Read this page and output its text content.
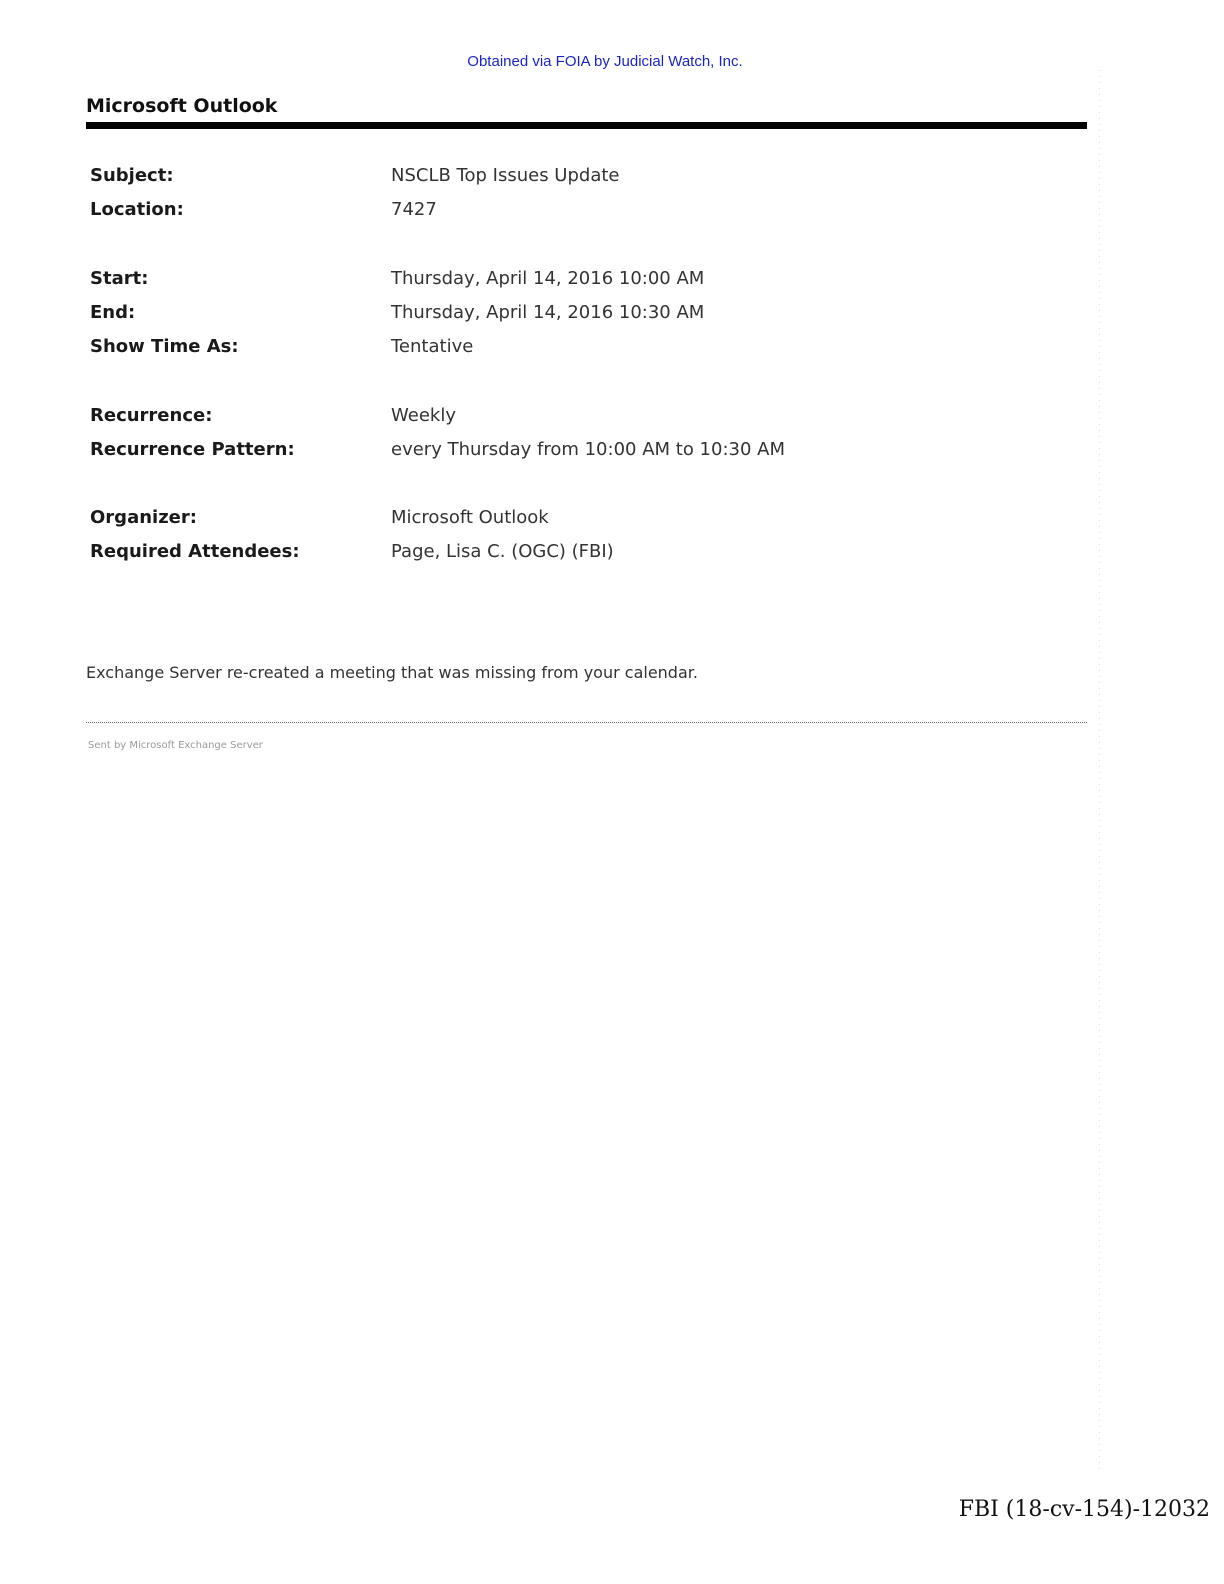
Obtained via FOIA by Judicial Watch, Inc.
Microsoft Outlook
Subject:	NSCLB Top Issues Update
Location:	7427
Start:	Thursday, April 14, 2016 10:00 AM
End:	Thursday, April 14, 2016 10:30 AM
Show Time As:	Tentative
Recurrence:	Weekly
Recurrence Pattern:	every Thursday from 10:00 AM to 10:30 AM
Organizer:	Microsoft Outlook
Required Attendees:	Page, Lisa C. (OGC) (FBI)
Exchange Server re-created a meeting that was missing from your calendar.
Sent by Microsoft Exchange Server
FBI (18-cv-154)-12032
